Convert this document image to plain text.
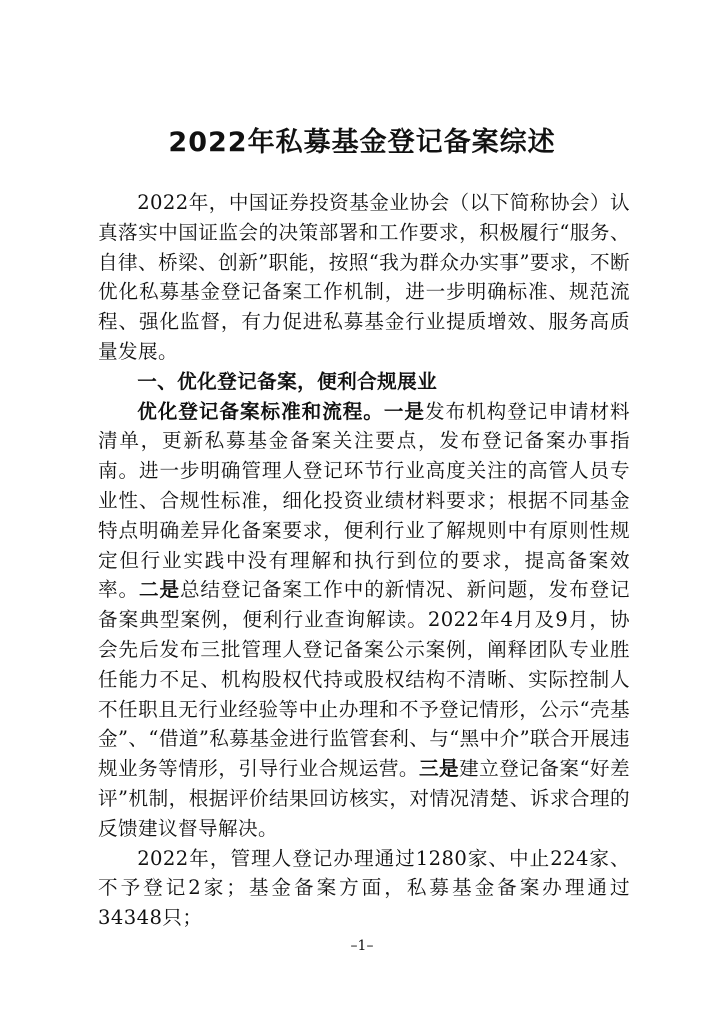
2022年私募基金登记备案综述

2022年，中国证券投资基金业协会（以下简称协会）认真落实中国证监会的决策部署和工作要求，积极履行“服务、自律、桥梁、创新”职能，按照“我为群众办实事”要求，不断优化私募基金登记备案工作机制，进一步明确标准、规范流程、强化监督，有力促进私募基金行业提质增效、服务高质量发展。

一、优化登记备案，便利合规展业

优化登记备案标准和流程。一是发布机构登记申请材料清单，更新私募基金备案关注要点，发布登记备案办事指南。进一步明确管理人登记环节行业高度关注的高管人员专业性、合规性标准，细化投资业绩材料要求；根据不同基金特点明确差异化备案要求，便利行业了解规则中有原则性规定但行业实践中没有理解和执行到位的要求，提高备案效率。二是总结登记备案工作中的新情况、新问题，发布登记备案典型案例，便利行业查询解读。2022年4月及9月，协会先后发布三批管理人登记备案公示案例，阐释团队专业胜任能力不足、机构股权代持或股权结构不清晰、实际控制人不任职且无行业经验等中止办理和不予登记情形，公示“壳基金”、“借道”私募基金进行监管套利、与“黑中介”联合开展违规业务等情形，引导行业合规运营。三是建立登记备案“好差评”机制，根据评价结果回访核实，对情况清楚、诉求合理的反馈建议督导解决。

2022年，管理人登记办理通过1280家、中止224家、不予登记2家；基金备案方面，私募基金备案办理通过34348只；

–1–
